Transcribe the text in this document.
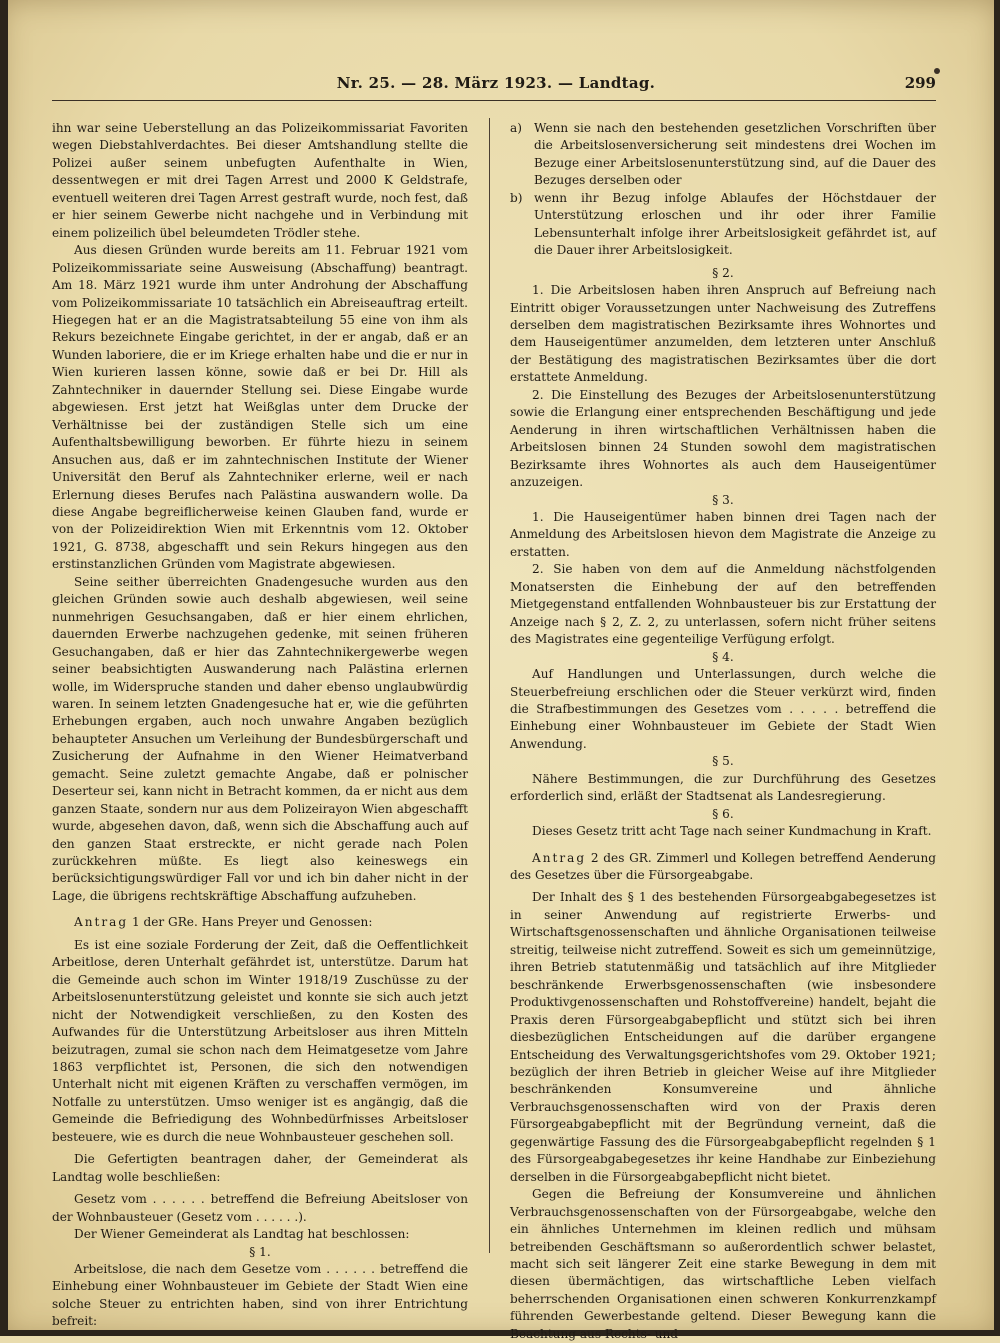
Nr. 25. — 28. März 1923. — Landtag.	299

ihn war seine Ueberstellung an das Polizeikommissariat Favoriten wegen Diebstahlverdachtes. Bei dieser Amtshandlung stellte die Polizei außer seinem unbefugten Aufenthalte in Wien, dessentwegen er mit drei Tagen Arrest und 2000 K Geldstrafe, eventuell weiteren drei Tagen Arrest gestraft wurde, noch fest, daß er hier seinem Gewerbe nicht nachgehe und in Verbindung mit einem polizeilich übel beleumdeten Trödler stehe.

Aus diesen Gründen wurde bereits am 11. Februar 1921 vom Polizeikommissariate seine Ausweisung (Abschaffung) beantragt. Am 18. März 1921 wurde ihm unter Androhung der Abschaffung vom Polizeikommissariate 10 tatsächlich ein Abreiseauftrag erteilt. Hiegegen hat er an die Magistratsabteilung 55 eine von ihm als Rekurs bezeichnete Eingabe gerichtet, in der er angab, daß er an Wunden laboriere, die er im Kriege erhalten habe und die er nur in Wien kurieren lassen könne, sowie daß er bei Dr. Hill als Zahntechniker in dauernder Stellung sei. Diese Eingabe wurde abgewiesen. Erst jetzt hat Weißglas unter dem Drucke der Verhältnisse bei der zuständigen Stelle sich um eine Aufenthaltsbewilligung beworben. Er führte hiezu in seinem Ansuchen aus, daß er im zahntechnischen Institute der Wiener Universität den Beruf als Zahntechniker erlerne, weil er nach Erlernung dieses Berufes nach Palästina auswandern wolle. Da diese Angabe begreiflicherweise keinen Glauben fand, wurde er von der Polizeidirektion Wien mit Erkenntnis vom 12. Oktober 1921, G. 8738, abgeschafft und sein Rekurs hingegen aus den erstinstanzlichen Gründen vom Magistrate abgewiesen.

Seine seither überreichten Gnadengesuche wurden aus den gleichen Gründen sowie auch deshalb abgewiesen, weil seine nunmehrigen Gesuchsangaben, daß er hier einem ehrlichen, dauernden Erwerbe nachzugehen gedenke, mit seinen früheren Gesuchangaben, daß er hier das Zahntechnikergewerbe wegen seiner beabsichtigten Auswanderung nach Palästina erlernen wolle, im Widerspruche standen und daher ebenso unglaubwürdig waren. In seinem letzten Gnadengesuche hat er, wie die geführten Erhebungen ergaben, auch noch unwahre Angaben bezüglich behaupteter Ansuchen um Verleihung der Bundesbürgerschaft und Zusicherung der Aufnahme in den Wiener Heimatverband gemacht. Seine zuletzt gemachte Angabe, daß er polnischer Deserteur sei, kann nicht in Betracht kommen, da er nicht aus dem ganzen Staate, sondern nur aus dem Polizeirayon Wien abgeschafft wurde, abgesehen davon, daß, wenn sich die Abschaffung auch auf den ganzen Staat erstreckte, er nicht gerade nach Polen zurückkehren müßte. Es liegt also keineswegs ein berücksichtigungswürdiger Fall vor und ich bin daher nicht in der Lage, die übrigens rechtskräftige Abschaffung aufzuheben.

Antrag 1 der GRe. Hans Preyer und Genossen:

Es ist eine soziale Forderung der Zeit, daß die Oeffentlichkeit Arbeitlose, deren Unterhalt gefährdet ist, unterstütze. Darum hat die Gemeinde auch schon im Winter 1918/19 Zuschüsse zu der Arbeitslosenunterstützung geleistet und konnte sie sich auch jetzt nicht der Notwendigkeit verschließen, zu den Kosten des Aufwandes für die Unterstützung Arbeitsloser aus ihren Mitteln beizutragen, zumal sie schon nach dem Heimatgesetze vom Jahre 1863 verpflichtet ist, Personen, die sich den notwendigen Unterhalt nicht mit eigenen Kräften zu verschaffen vermögen, im Notfalle zu unterstützen. Umso weniger ist es angängig, daß die Gemeinde die Befriedigung des Wohnbedürfnisses Arbeitsloser besteuere, wie es durch die neue Wohnbausteuer geschehen soll.

Die Gefertigten beantragen daher, der Gemeinderat als Landtag wolle beschließen:

Gesetz vom . . . . . . betreffend die Befreiung Abeitsloser von der Wohnbausteuer (Gesetz vom . . . . . .).

Der Wiener Gemeinderat als Landtag hat beschlossen:

§ 1.

Arbeitslose, die nach dem Gesetze vom . . . . . . betreffend die Einhebung einer Wohnbausteuer im Gebiete der Stadt Wien eine solche Steuer zu entrichten haben, sind von ihrer Entrichtung befreit:

a) Wenn sie nach den bestehenden gesetzlichen Vorschriften über die Arbeitslosenversicherung seit mindestens drei Wochen im Bezuge einer Arbeitslosenunterstützung sind, auf die Dauer des Bezuges derselben oder
b) wenn ihr Bezug infolge Ablaufes der Höchstdauer der Unterstützung erloschen und ihr oder ihrer Familie Lebensunterhalt infolge ihrer Arbeitslosigkeit gefährdet ist, auf die Dauer ihrer Arbeitslosigkeit.

§ 2.

1. Die Arbeitslosen haben ihren Anspruch auf Befreiung nach Eintritt obiger Voraussetzungen unter Nachweisung des Zutreffens derselben dem magistratischen Bezirksamte ihres Wohnortes und dem Hauseigentümer anzumelden, dem letzteren unter Anschluß der Bestätigung des magistratischen Bezirksamtes über die dort erstattete Anmeldung.

2. Die Einstellung des Bezuges der Arbeitslosenunterstützung sowie die Erlangung einer entsprechenden Beschäftigung und jede Aenderung in ihren wirtschaftlichen Verhältnissen haben die Arbeitslosen binnen 24 Stunden sowohl dem magistratischen Bezirksamte ihres Wohnortes als auch dem Hauseigentümer anzuzeigen.

§ 3.

1. Die Hauseigentümer haben binnen drei Tagen nach der Anmeldung des Arbeitslosen hievon dem Magistrate die Anzeige zu erstatten.

2. Sie haben von dem auf die Anmeldung nächstfolgenden Monatsersten die Einhebung der auf den betreffenden Mietgegenstand entfallenden Wohnbausteuer bis zur Erstattung der Anzeige nach § 2, Z. 2, zu unterlassen, sofern nicht früher seitens des Magistrates eine gegenteilige Verfügung erfolgt.

§ 4.

Auf Handlungen und Unterlassungen, durch welche die Steuerbefreiung erschlichen oder die Steuer verkürzt wird, finden die Strafbestimmungen des Gesetzes vom . . . . . betreffend die Einhebung einer Wohnbausteuer im Gebiete der Stadt Wien Anwendung.

§ 5.

Nähere Bestimmungen, die zur Durchführung des Gesetzes erforderlich sind, erläßt der Stadtsenat als Landesregierung.

§ 6.

Dieses Gesetz tritt acht Tage nach seiner Kundmachung in Kraft.

Antrag 2 des GR. Zimmerl und Kollegen betreffend Aenderung des Gesetzes über die Fürsorgeabgabe.

Der Inhalt des § 1 des bestehenden Fürsorgeabgabegesetzes ist in seiner Anwendung auf registrierte Erwerbs- und Wirtschaftsgenossenschaften und ähnliche Organisationen teilweise streitig, teilweise nicht zutreffend. Soweit es sich um gemeinnützige, ihren Betrieb statutenmäßig und tatsächlich auf ihre Mitglieder beschränkende Erwerbsgenossenschaften (wie insbesondere Produktivgenossenschaften und Rohstoffvereine) handelt, bejaht die Praxis deren Fürsorgeabgabepflicht und stützt sich bei ihren diesbezüglichen Entscheidungen auf die darüber ergangene Entscheidung des Verwaltungsgerichtshofes vom 29. Oktober 1921; bezüglich der ihren Betrieb in gleicher Weise auf ihre Mitglieder beschränkenden Konsumvereine und ähnliche Verbrauchsgenossenschaften wird von der Praxis deren Fürsorgeabgabepflicht mit der Begründung verneint, daß die gegenwärtige Fassung des die Fürsorgeabgabepflicht regelnden § 1 des Fürsorgeabgabegesetzes ihr keine Handhabe zur Einbeziehung derselben in die Fürsorgeabgabepflicht nicht bietet.

Gegen die Befreiung der Konsumvereine und ähnlichen Verbrauchsgenossenschaften von der Fürsorgeabgabe, welche den ein ähnliches Unternehmen im kleinen redlich und mühsam betreibenden Geschäftsmann so außerordentlich schwer belastet, macht sich seit längerer Zeit eine starke Bewegung in dem mit diesen übermächtigen, das wirtschaftliche Leben vielfach beherrschenden Organisationen einen schweren Konkurrenzkampf führenden Gewerbestande geltend. Dieser Bewegung kann die Beachtung aus Rechts- und
